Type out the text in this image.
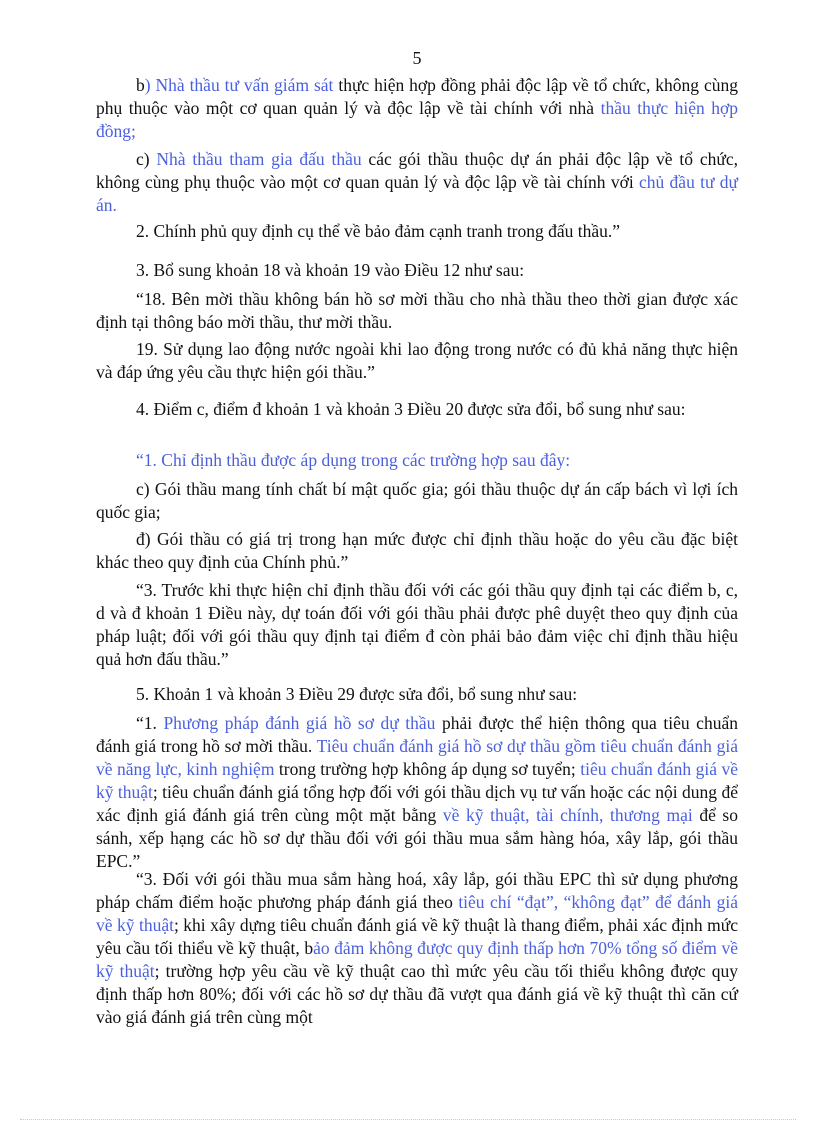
5

b) Nhà thầu tư vấn giám sát thực hiện hợp đồng phải độc lập về tổ chức, không cùng phụ thuộc vào một cơ quan quản lý và độc lập về tài chính với nhà thầu thực hiện hợp đồng;

c) Nhà thầu tham gia đấu thầu các gói thầu thuộc dự án phải độc lập về tổ chức, không cùng phụ thuộc vào một cơ quan quản lý và độc lập về tài chính với chủ đầu tư dự án.

2. Chính phủ quy định cụ thể về bảo đảm cạnh tranh trong đấu thầu.”

3. Bổ sung khoản 18 và khoản 19 vào Điều 12 như sau:

“18. Bên mời thầu không bán hồ sơ mời thầu cho nhà thầu theo thời gian được xác định tại thông báo mời thầu, thư mời thầu.

19. Sử dụng lao động nước ngoài khi lao động trong nước có đủ khả năng thực hiện và đáp ứng yêu cầu thực hiện gói thầu.”

4. Điểm c, điểm đ khoản 1 và khoản 3 Điều 20 được sửa đổi, bổ sung như sau:

“1. Chỉ định thầu được áp dụng trong các trường hợp sau đây:

c) Gói thầu mang tính chất bí mật quốc gia; gói thầu thuộc dự án cấp bách vì lợi ích quốc gia;

đ) Gói thầu có giá trị trong hạn mức được chỉ định thầu hoặc do yêu cầu đặc biệt khác theo quy định của Chính phủ.”

“3. Trước khi thực hiện chỉ định thầu đối với các gói thầu quy định tại các điểm b, c, d và đ khoản 1 Điều này, dự toán đối với gói thầu phải được phê duyệt theo quy định của pháp luật; đối với gói thầu quy định tại điểm đ còn phải bảo đảm việc chỉ định thầu hiệu quả hơn đấu thầu.”

5. Khoản 1 và khoản 3 Điều 29 được sửa đổi, bổ sung như sau:

“1. Phương pháp đánh giá hồ sơ dự thầu phải được thể hiện thông qua tiêu chuẩn đánh giá trong hồ sơ mời thầu. Tiêu chuẩn đánh giá hồ sơ dự thầu gồm tiêu chuẩn đánh giá về năng lực, kinh nghiệm trong trường hợp không áp dụng sơ tuyển; tiêu chuẩn đánh giá về kỹ thuật; tiêu chuẩn đánh giá tổng hợp đối với gói thầu dịch vụ tư vấn hoặc các nội dung để xác định giá đánh giá trên cùng một mặt bằng về kỹ thuật, tài chính, thương mại để so sánh, xếp hạng các hồ sơ dự thầu đối với gói thầu mua sắm hàng hóa, xây lắp, gói thầu EPC.”

“3. Đối với gói thầu mua sắm hàng hoá, xây lắp, gói thầu EPC thì sử dụng phương pháp chấm điểm hoặc phương pháp đánh giá theo tiêu chí “đạt”, “không đạt” để đánh giá về kỹ thuật; khi xây dựng tiêu chuẩn đánh giá về kỹ thuật là thang điểm, phải xác định mức yêu cầu tối thiểu về kỹ thuật, bảo đảm không được quy định thấp hơn 70% tổng số điểm về kỹ thuật; trường hợp yêu cầu về kỹ thuật cao thì mức yêu cầu tối thiểu không được quy định thấp hơn 80%; đối với các hồ sơ dự thầu đã vượt qua đánh giá về kỹ thuật thì căn cứ vào giá đánh giá trên cùng một
